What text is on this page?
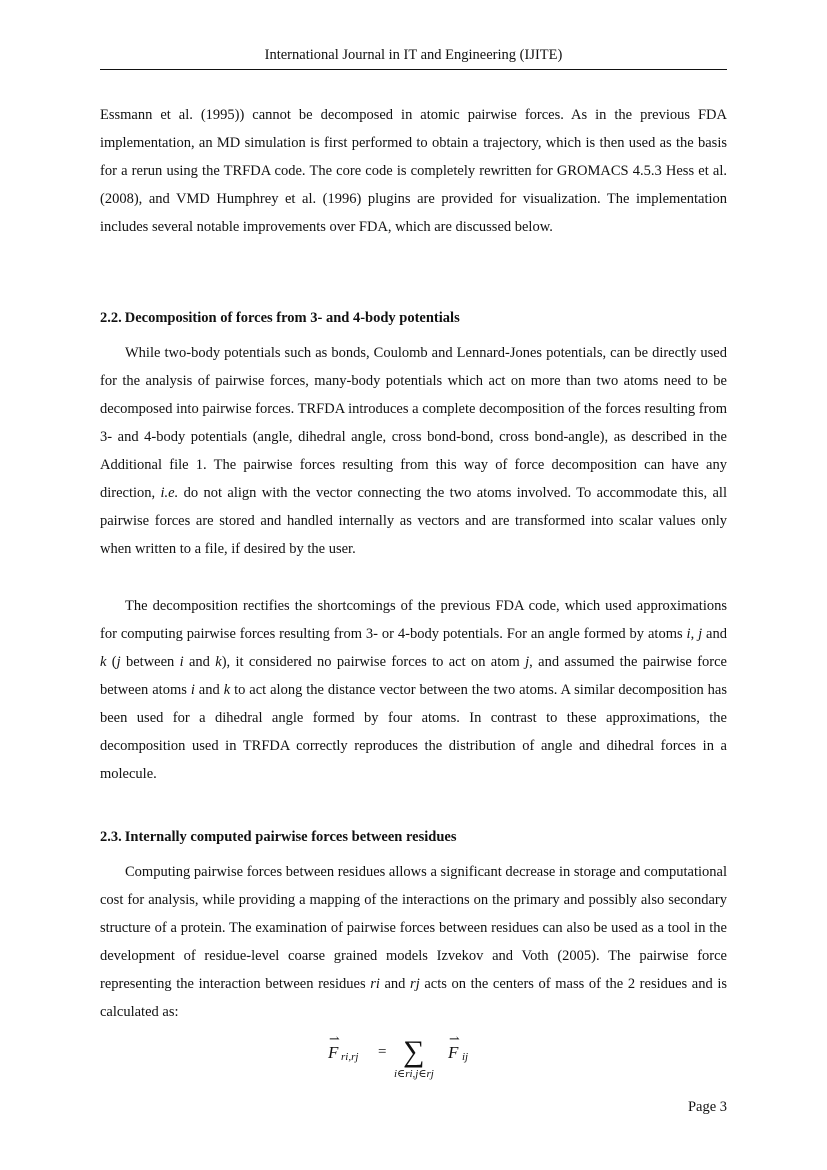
International Journal in IT and Engineering (IJITE)

Essmann et al. (1995)) cannot be decomposed in atomic pairwise forces. As in the previous FDA implementation, an MD simulation is first performed to obtain a trajectory, which is then used as the basis for a rerun using the TRFDA code. The core code is completely rewritten for GROMACS 4.5.3 Hess et al. (2008), and VMD Humphrey et al. (1996) plugins are provided for visualization. The implementation includes several notable improvements over FDA, which are discussed below.

2.2. Decomposition of forces from 3- and 4-body potentials

While two-body potentials such as bonds, Coulomb and Lennard-Jones potentials, can be directly used for the analysis of pairwise forces, many-body potentials which act on more than two atoms need to be decomposed into pairwise forces. TRFDA introduces a complete decomposition of the forces resulting from 3- and 4-body potentials (angle, dihedral angle, cross bond-bond, cross bond-angle), as described in the Additional file 1. The pairwise forces resulting from this way of force decomposition can have any direction, i.e. do not align with the vector connecting the two atoms involved. To accommodate this, all pairwise forces are stored and handled internally as vectors and are transformed into scalar values only when written to a file, if desired by the user.

The decomposition rectifies the shortcomings of the previous FDA code, which used approximations for computing pairwise forces resulting from 3- or 4-body potentials. For an angle formed by atoms i, j and k (j between i and k), it considered no pairwise forces to act on atom j, and assumed the pairwise force between atoms i and k to act along the distance vector between the two atoms. A similar decomposition has been used for a dihedral angle formed by four atoms. In contrast to these approximations, the decomposition used in TRFDA correctly reproduces the distribution of angle and dihedral forces in a molecule.

2.3. Internally computed pairwise forces between residues

Computing pairwise forces between residues allows a significant decrease in storage and computational cost for analysis, while providing a mapping of the interactions on the primary and possibly also secondary structure of a protein. The examination of pairwise forces between residues can also be used as a tool in the development of residue-level coarse grained models Izvekov and Voth (2005). The pairwise force representing the interaction between residues ri and rj acts on the centers of mass of the 2 residues and is calculated as:

⇀
F ri,rj = ∑
i∈ri,j∈rj
⇀
F ij
Page 3
